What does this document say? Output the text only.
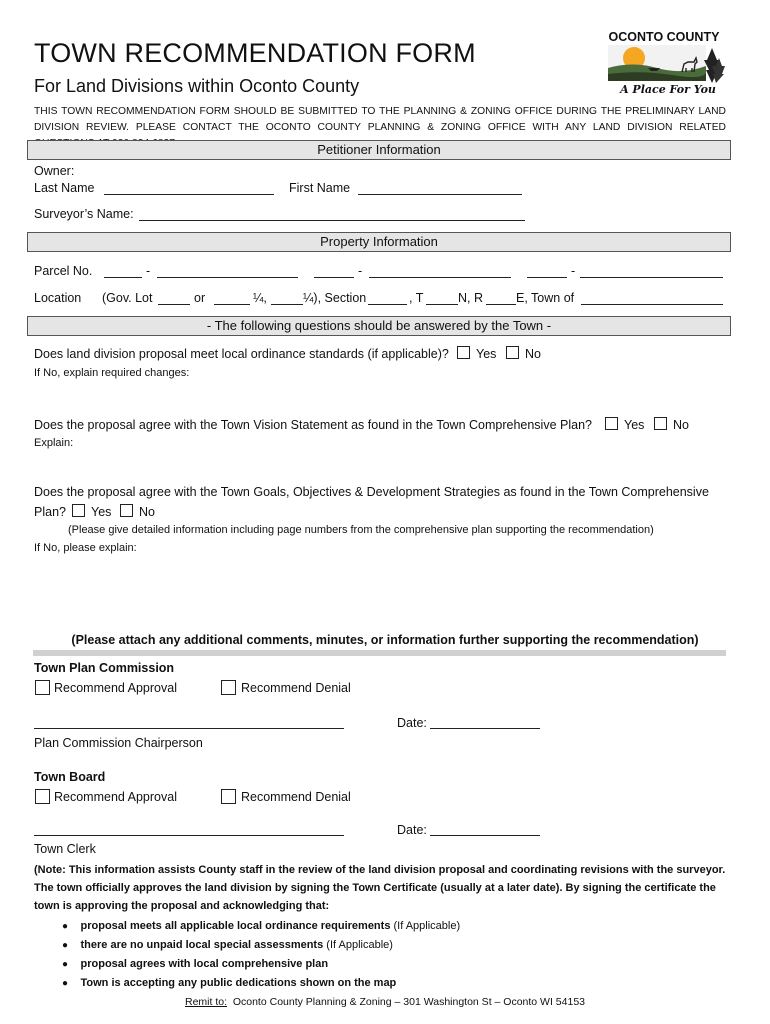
TOWN RECOMMENDATION FORM
For Land Divisions within Oconto County
THIS TOWN RECOMMENDATION FORM SHOULD BE SUBMITTED TO THE PLANNING & ZONING OFFICE DURING THE PRELIMINARY LAND DIVISION REVIEW. PLEASE CONTACT THE OCONTO COUNTY PLANNING & ZONING OFFICE WITH ANY LAND DIVISION RELATED
OCONTO COUNTY
A Place For You
Petitioner Information
Owner:
Last Name	First Name
Surveyor’s Name:
Property Information
Parcel No.	-	-	-
Location (Gov. Lot	or	¼,	¼), Section	, T	N, R	E, Town of
- The following questions should be answered by the Town -
Does land division proposal meet local ordinance standards (if applicable)? Yes No
If No, explain required changes:
Does the proposal agree with the Town Vision Statement as found in the Town Comprehensive Plan?	Yes No
Explain:
Does the proposal agree with the Town Goals, Objectives & Development Strategies as found in the Town Comprehensive
Plan? Yes No
(Please give detailed information including page numbers from the comprehensive plan supporting the recommendation)
If No, please explain:
(Please attach any additional comments, minutes, or information further supporting the recommendation)
Town Plan Commission
Recommend Approval	Recommend Denial
Date:
Plan Commission Chairperson
Town Board
Recommend Approval	Recommend Denial
Date:
Town Clerk
(Note: This information assists County staff in the review of the land division proposal and coordinating revisions with the surveyor.
The town officially approves the land division by signing the Town Certificate (usually at a later date). By signing the certificate the
town is approving the proposal and acknowledging that:
● proposal meets all applicable local ordinance requirements (If Applicable)
● there are no unpaid local special assessments (If Applicable)
● proposal agrees with local comprehensive plan
● Town is accepting any public dedications shown on the map
Remit to:  Oconto County Planning & Zoning – 301 Washington St – Oconto WI 54153
